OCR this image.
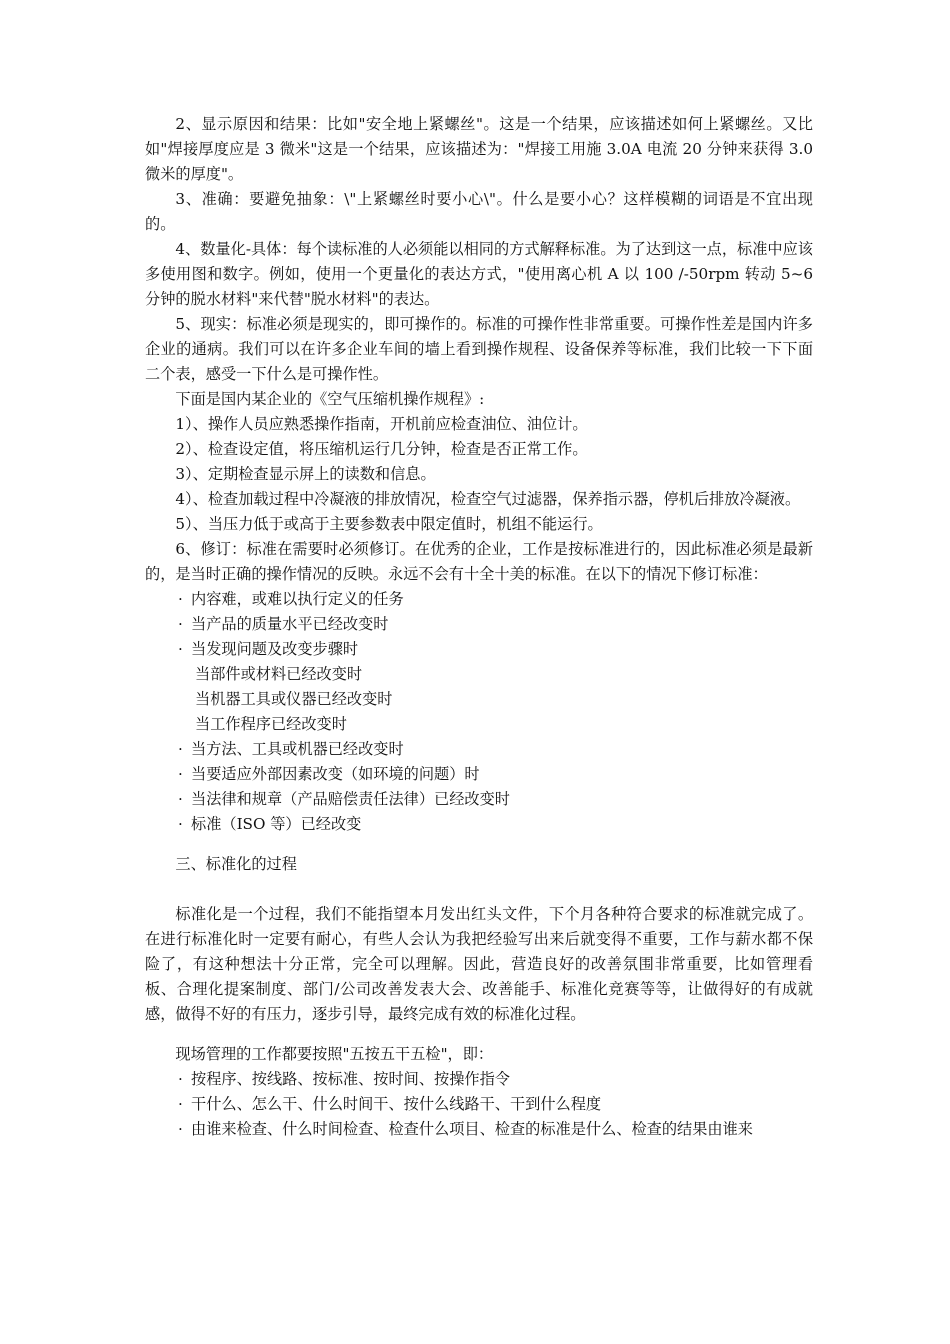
2、显示原因和结果：比如"安全地上紧螺丝"。这是一个结果，应该描述如何上紧螺丝。又比如"焊接厚度应是 3 微米"这是一个结果，应该描述为："焊接工用施 3.0A 电流 20 分钟来获得 3.0 微米的厚度"。

3、准确：要避免抽象：\"上紧螺丝时要小心\"。什么是要小心？这样模糊的词语是不宜出现的。

4、数量化-具体：每个读标准的人必须能以相同的方式解释标准。为了达到这一点，标准中应该多使用图和数字。例如，使用一个更量化的表达方式，"使用离心机 A 以 100 /-50rpm 转动 5~6 分钟的脱水材料"来代替"脱水材料"的表达。

5、现实：标准必须是现实的，即可操作的。标准的可操作性非常重要。可操作性差是国内许多企业的通病。我们可以在许多企业车间的墙上看到操作规程、设备保养等标准，我们比较一下下面二个表，感受一下什么是可操作性。

下面是国内某企业的《空气压缩机操作规程》:

1）、操作人员应熟悉操作指南，开机前应检查油位、油位计。

2）、检查设定值，将压缩机运行几分钟，检查是否正常工作。

3）、定期检查显示屏上的读数和信息。

4）、检查加载过程中冷凝液的排放情况，检查空气过滤器，保养指示器，停机后排放冷凝液。

5）、当压力低于或高于主要参数表中限定值时，机组不能运行。

6、修订：标准在需要时必须修订。在优秀的企业，工作是按标准进行的，因此标准必须是最新的，是当时正确的操作情况的反映。永远不会有十全十美的标准。在以下的情况下修订标准：

· 内容难，或难以执行定义的任务

· 当产品的质量水平已经改变时

· 当发现问题及改变步骤时

当部件或材料已经改变时

当机器工具或仪器已经改变时

当工作程序已经改变时

· 当方法、工具或机器已经改变时

· 当要适应外部因素改变（如环境的问题）时

· 当法律和规章（产品赔偿责任法律）已经改变时

· 标准（ISO 等）已经改变

三、标准化的过程

标准化是一个过程，我们不能指望本月发出红头文件，下个月各种符合要求的标准就完成了。在进行标准化时一定要有耐心，有些人会认为我把经验写出来后就变得不重要，工作与薪水都不保险了，有这种想法十分正常，完全可以理解。因此，营造良好的改善氛围非常重要，比如管理看板、合理化提案制度、部门/公司改善发表大会、改善能手、标准化竞赛等等，让做得好的有成就感，做得不好的有压力，逐步引导，最终完成有效的标准化过程。

现场管理的工作都要按照"五按五干五检"，即：

· 按程序、按线路、按标准、按时间、按操作指令

· 干什么、怎么干、什么时间干、按什么线路干、干到什么程度

· 由谁来检查、什么时间检查、检查什么项目、检查的标准是什么、检查的结果由谁来
